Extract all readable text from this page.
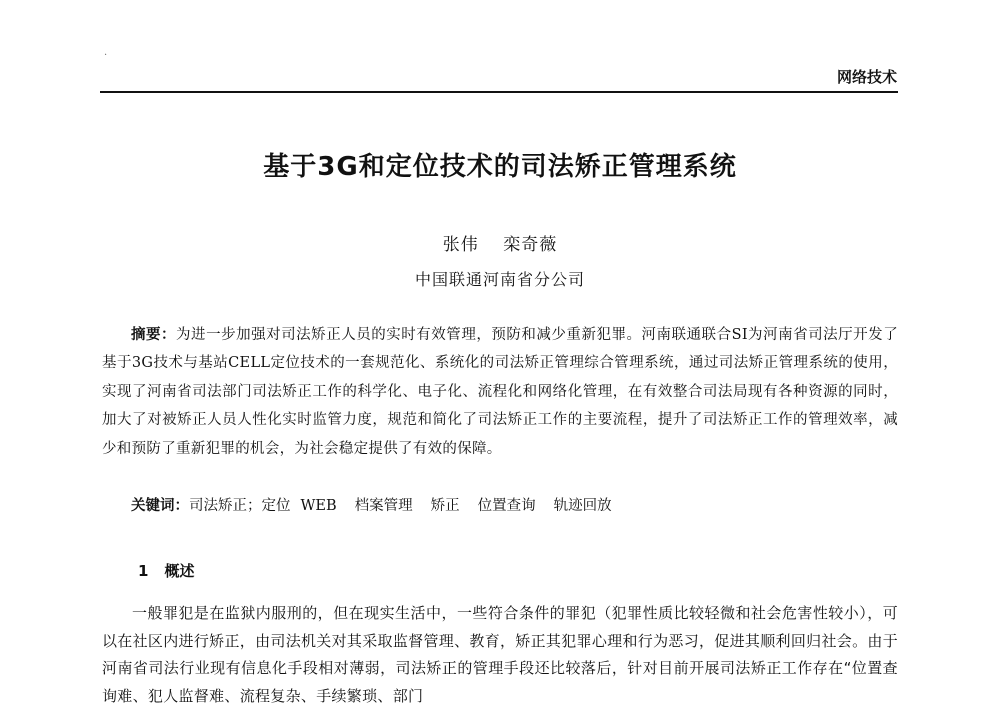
·
网络技术
基于3G和定位技术的司法矫正管理系统
张伟 栾奇薇
中国联通河南省分公司
摘要：为进一步加强对司法矫正人员的实时有效管理，预防和减少重新犯罪。河南联通联合SI为河南省司法厅开发了基于3G技术与基站CELL定位技术的一套规范化、系统化的司法矫正管理综合管理系统，通过司法矫正管理系统的使用，实现了河南省司法部门司法矫正工作的科学化、电子化、流程化和网络化管理，在有效整合司法局现有各种资源的同时，加大了对被矫正人员人性化实时监管力度，规范和简化了司法矫正工作的主要流程，提升了司法矫正工作的管理效率，减少和预防了重新犯罪的机会，为社会稳定提供了有效的保障。
关键词：司法矫正；定位 WEB 档案管理 矫正 位置查询 轨迹回放
1 概述
一般罪犯是在监狱内服刑的，但在现实生活中，一些符合条件的罪犯（犯罪性质比较轻微和社会危害性较小），可以在社区内进行矫正，由司法机关对其采取监督管理、教育，矫正其犯罪心理和行为恶习，促进其顺利回归社会。由于河南省司法行业现有信息化手段相对薄弱，司法矫正的管理手段还比较落后，针对目前开展司法矫正工作存在“位置查询难、犯人监督难、流程复杂、手续繁琐、部门
